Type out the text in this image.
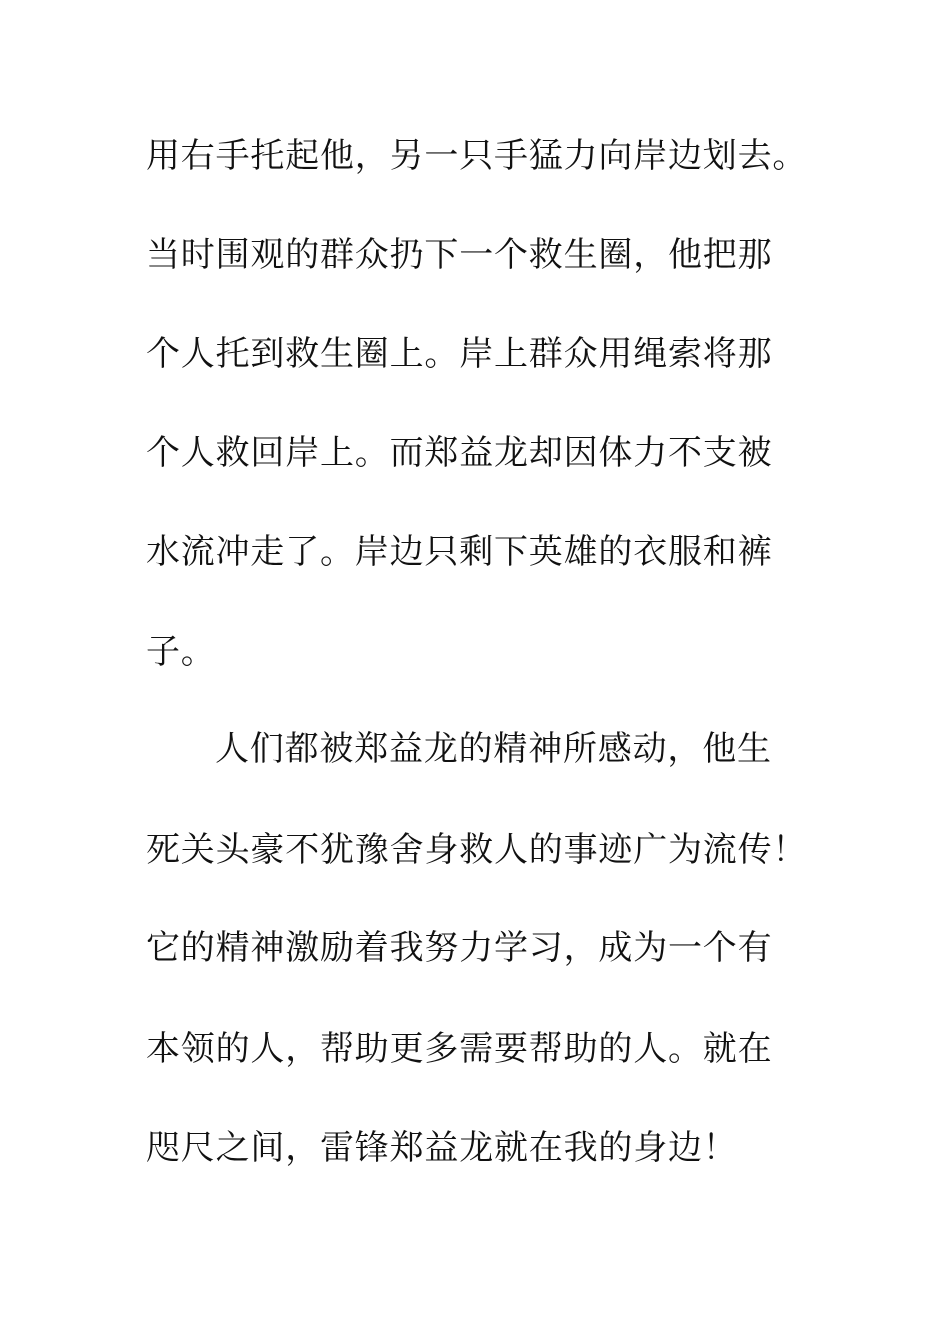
用右手托起他，另一只手猛力向岸边划去。
当时围观的群众扔下一个救生圈，他把那
个人托到救生圈上。岸上群众用绳索将那
个人救回岸上。而郑益龙却因体力不支被
水流冲走了。岸边只剩下英雄的衣服和裤
子。
人们都被郑益龙的精神所感动，他生
死关头豪不犹豫舍身救人的事迹广为流传！
它的精神激励着我努力学习，成为一个有
本领的人，帮助更多需要帮助的人。就在
咫尺之间，雷锋郑益龙就在我的身边！
